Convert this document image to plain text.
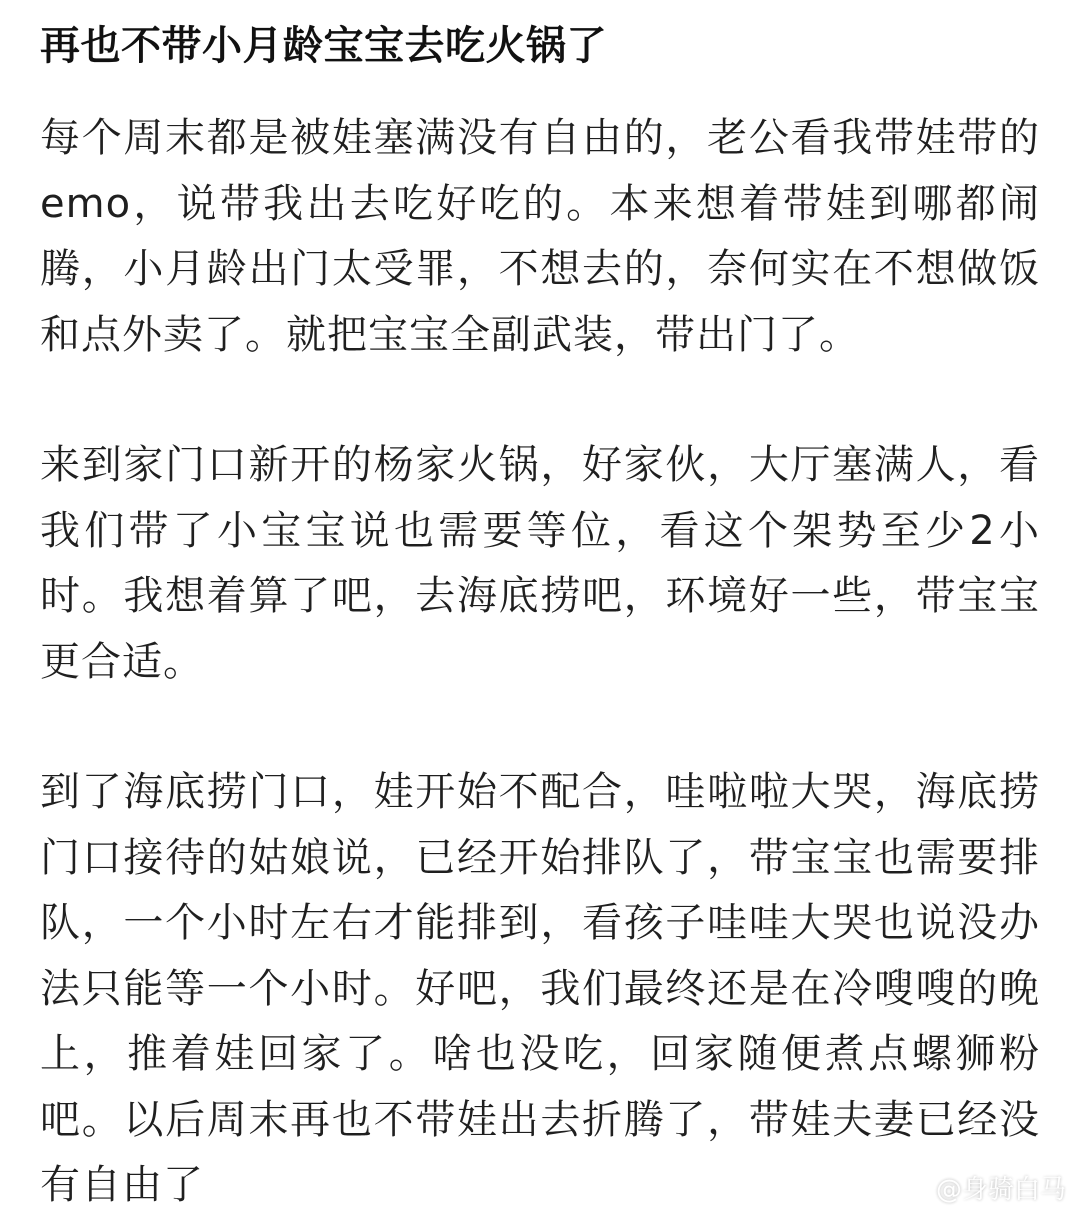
再也不带小月龄宝宝去吃火锅了

每个周末都是被娃塞满没有自由的，老公看我带娃带的emo，说带我出去吃好吃的。本来想着带娃到哪都闹腾，小月龄出门太受罪，不想去的，奈何实在不想做饭和点外卖了。就把宝宝全副武装，带出门了。

来到家门口新开的杨家火锅，好家伙，大厅塞满人，看我们带了小宝宝说也需要等位，看这个架势至少2小时。我想着算了吧，去海底捞吧，环境好一些，带宝宝更合适。

到了海底捞门口，娃开始不配合，哇啦啦大哭，海底捞门口接待的姑娘说，已经开始排队了，带宝宝也需要排队，一个小时左右才能排到，看孩子哇哇大哭也说没办法只能等一个小时。好吧，我们最终还是在冷嗖嗖的晚上，推着娃回家了。啥也没吃，回家随便煮点螺狮粉吧。以后周末再也不带娃出去折腾了，带娃夫妻已经没有自由了	@身骑白马
